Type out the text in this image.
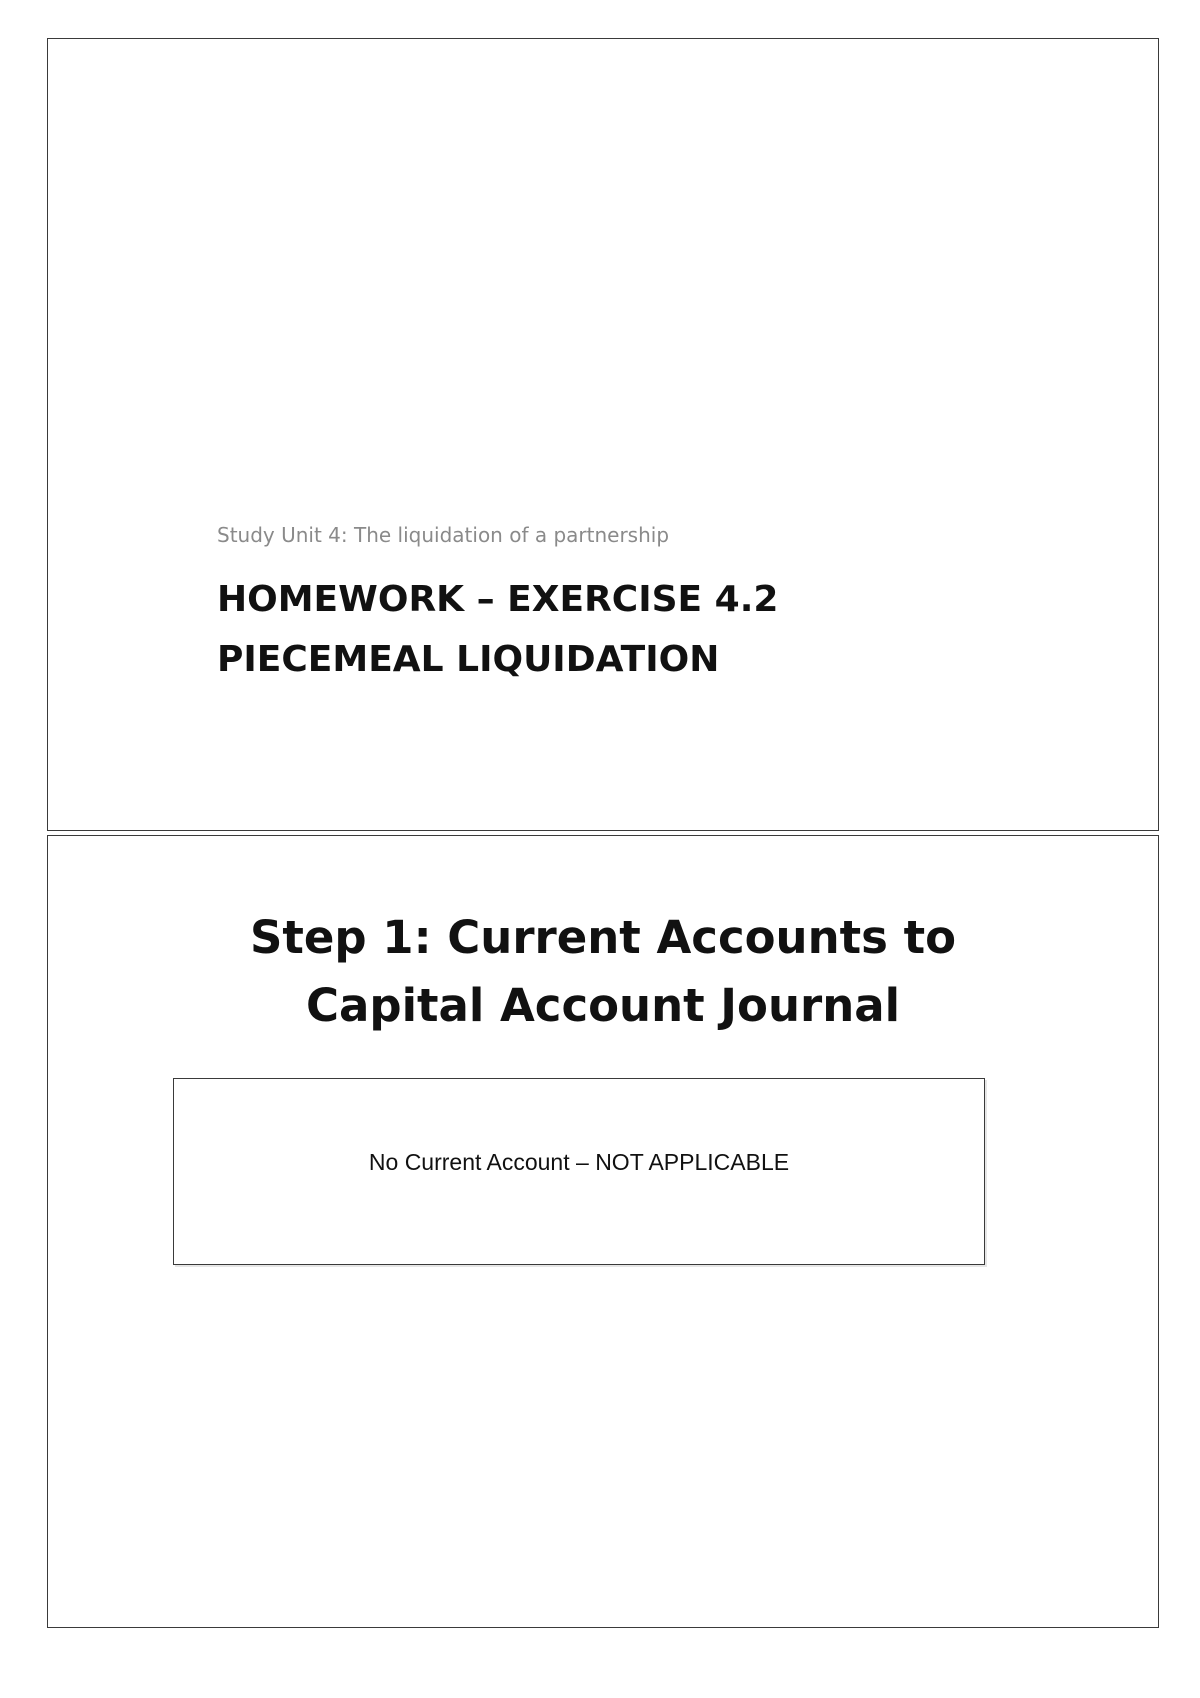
Study Unit 4: The liquidation of a partnership
HOMEWORK – EXERCISE 4.2
PIECEMEAL LIQUIDATION
Step 1: Current Accounts to
Capital Account Journal
No Current Account – NOT APPLICABLE
